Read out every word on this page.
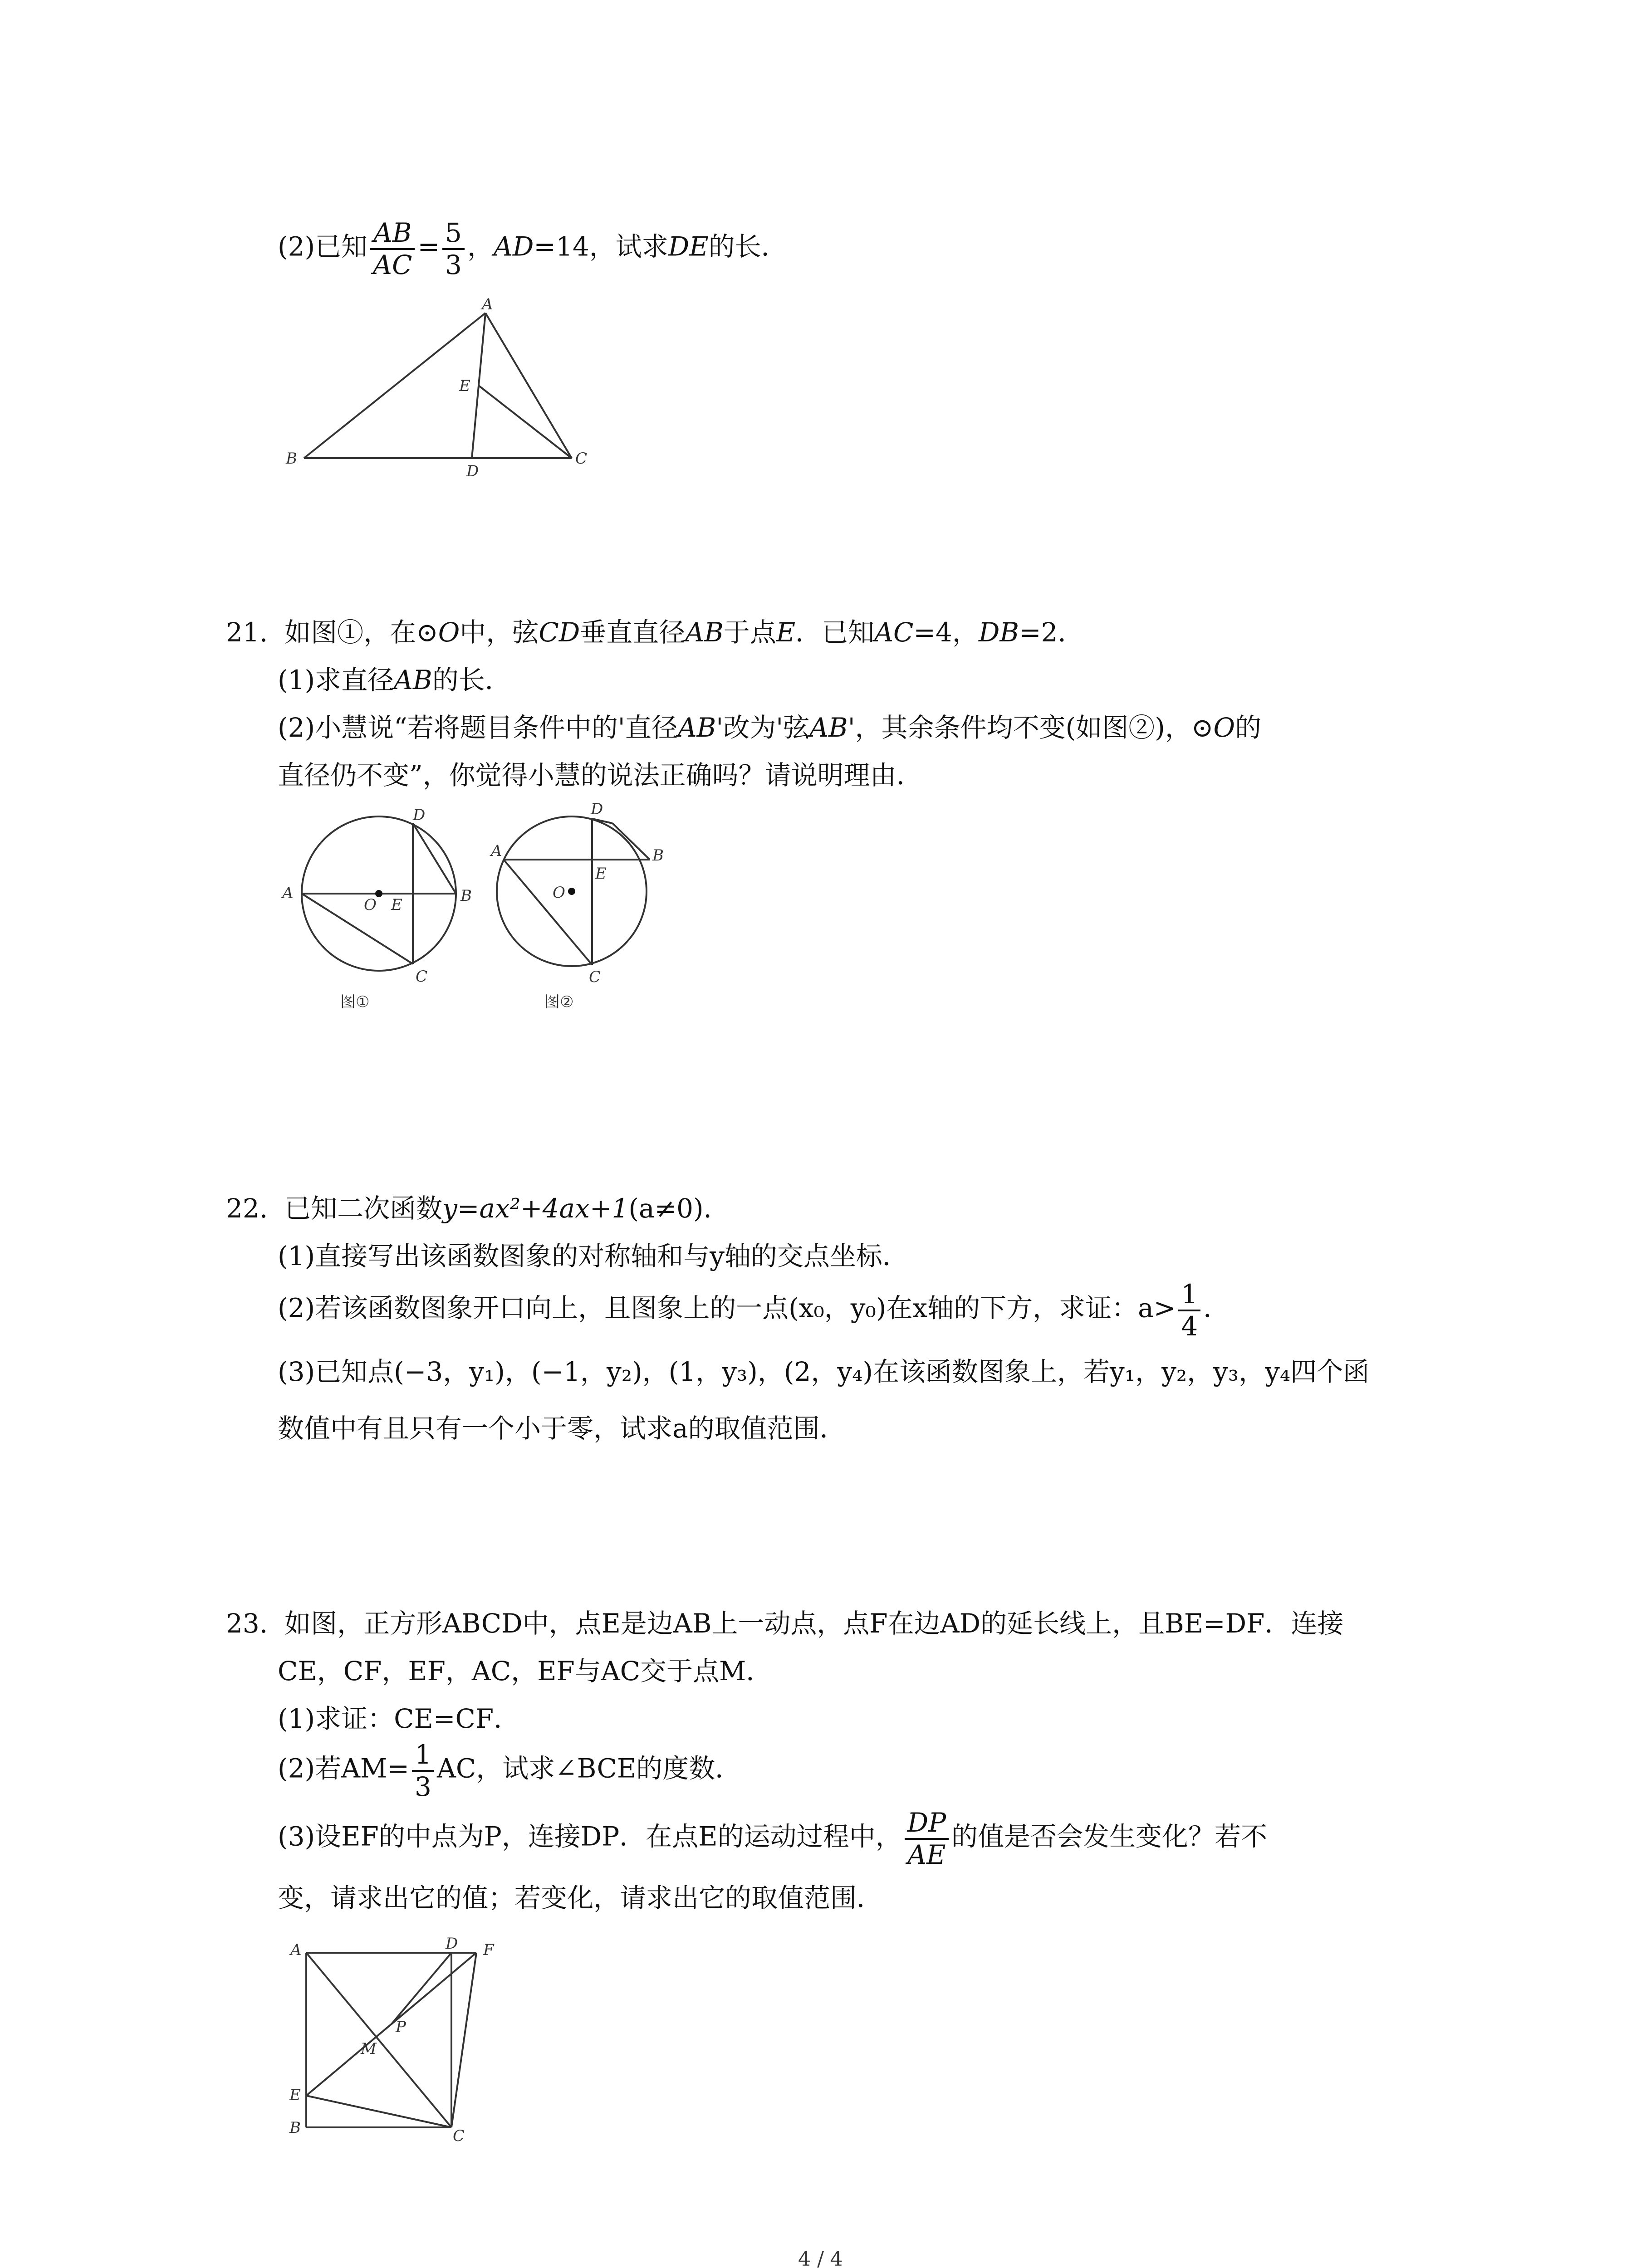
(2)已知 $\frac{AB}{AC} = \frac{5}{3}$ ，AD=14，试求DE的长．
A
B	C
D
E
21. 如图①，在⊙O中，弦CD垂直直径AB于点E．已知AC=4，DB=2．
(1)求直径AB的长．
(2)小慧说“若将题目条件中的'直径AB'改为'弦AB'，其余条件均不变(如图②)，⊙O的
直径仍不变”，你觉得小慧的说法正确吗？请说明理由．
A	B
C
D
O E
图①
A	B
C
D
O
E
图②
22. 已知二次函数y=ax²+4ax+1(a≠0)．
(1)直接写出该函数图象的对称轴和与y轴的交点坐标．
(2)若该函数图象开口向上，且图象上的一点(x₀，y₀)在x轴的下方，求证：$a> \frac{1}{4}$ ．
(3)已知点(−3，y₁)，(−1，y₂)，(1，y₃)，(2，y₄)在该函数图象上，若y₁，y₂，y₃，y₄四个函
数值中有且只有一个小于零，试求a的取值范围．
23. 如图，正方形ABCD中，点E是边AB上一动点，点F在边AD的延长线上，且BE=DF．连接
CE，CF，EF，AC，EF与AC交于点M．
(1)求证：CE=CF．
(2)若$AM= \frac{1}{3}$ AC，试求∠BCE的度数．
(3)设EF的中点为P，连接DP．在点E的运动过程中， $\frac{DP}{AE}$ 的值是否会发生变化？若不
变，请求出它的值；若变化，请求出它的取值范围．
A	D F
P
M
E
B	C
4 / 4
